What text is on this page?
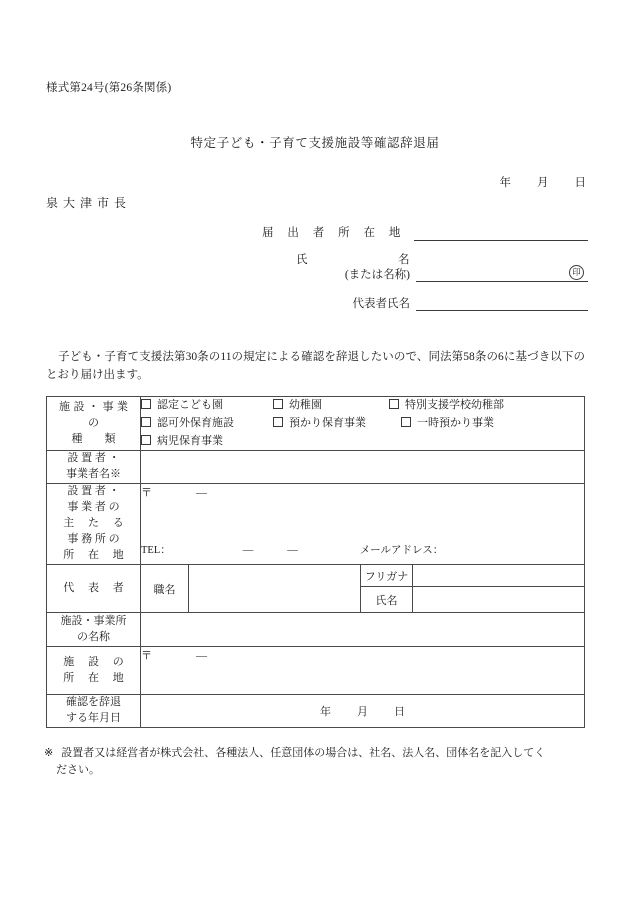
様式第24号(第26条関係)
特定子ども・子育て支援施設等確認辞退届
年 月 日
泉大津市長
届 出 者 所 在 地
氏　　　名
(または名称)	印
代表者氏名
子ども・子育て支援法第30条の11の規定による確認を辞退したいので、同法第58条の6に基づき以下のとおり届け出ます。
施設・事業
の
種　　類	認定こども園 幼稚園 特別支援学校幼稚部
認可外保育施設 預かり保育事業 一時預かり事業
病児保育事業			

設 置 者 ・
事業者名※				

設 置 者 ・
事 業 者 の
主 　た 　る
事 務 所 の
所 　在 　地	〒 —			
	TEL： — — メールアドレス：			

代 　表 　者	職名		フリガナ	
			氏名	

施設・事業所
の名称				

施 　設 　の
所 　在 　地	〒 —			

確認を辞退
する年月日	年 月 日			
※ 設置者又は経営者が株式会社、各種法人、任意団体の場合は、社名、法人名、団体名を記入してく
ださい。
